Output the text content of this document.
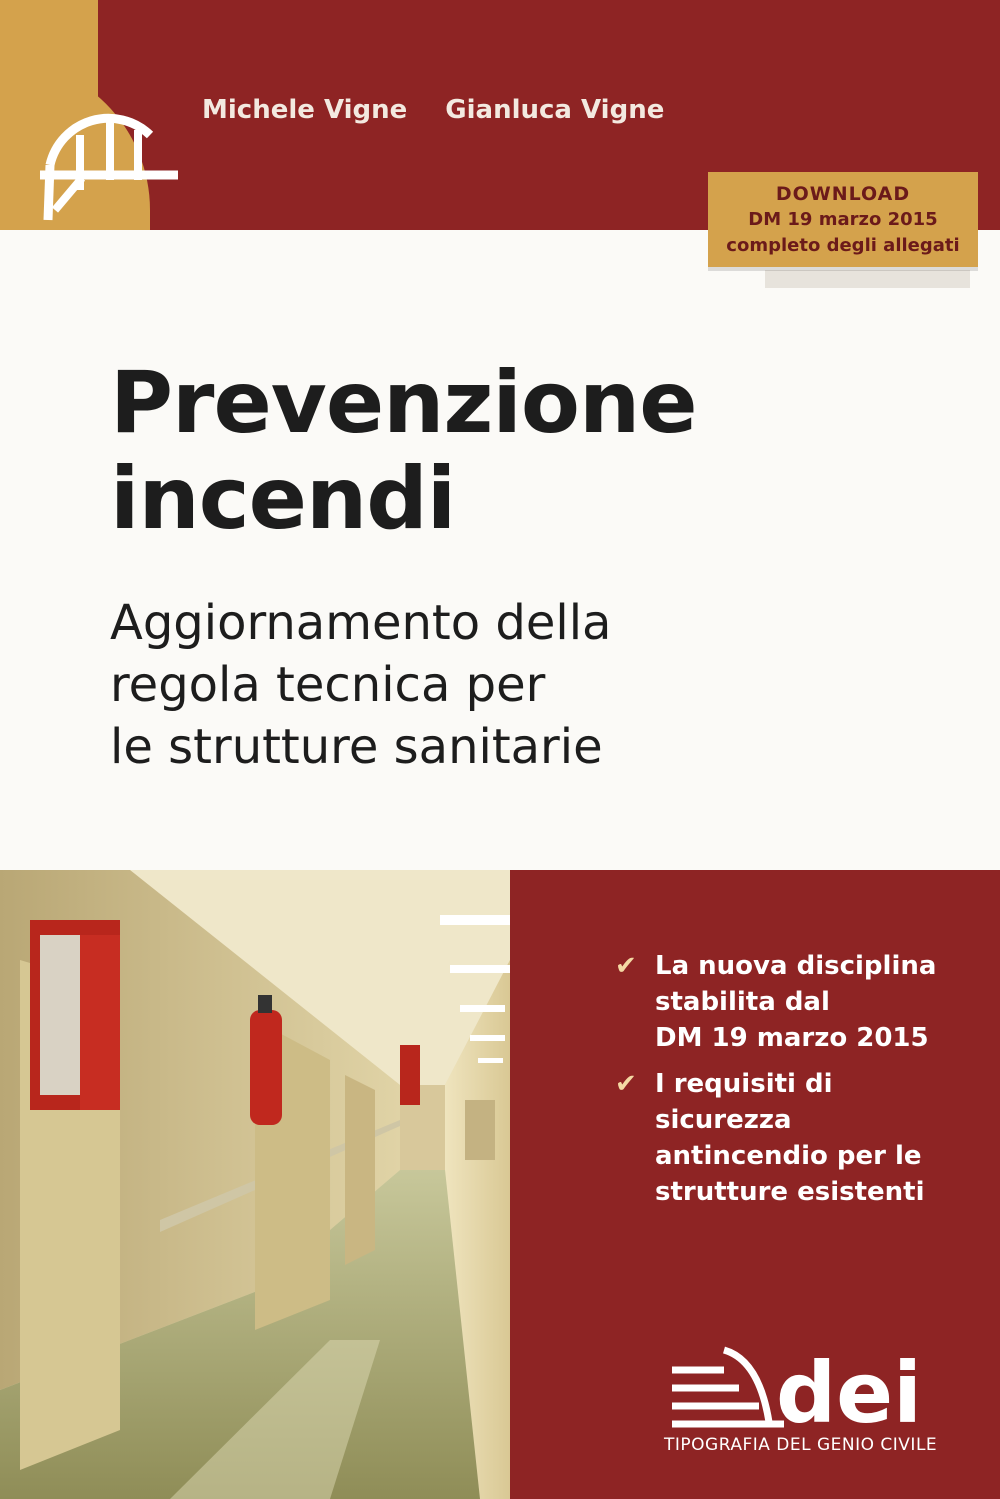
Michele Vigne Gianluca Vigne
DOWNLOAD
DM 19 marzo 2015
completo degli allegati
Prevenzione
incendi
Aggiornamento della
regola tecnica per
le strutture sanitarie
✔ La nuova disciplina
stabilita dal
DM 19 marzo 2015
✔ I requisiti di
sicurezza
antincendio per le
strutture esistenti
dei
TIPOGRAFIA DEL GENIO CIVILE
